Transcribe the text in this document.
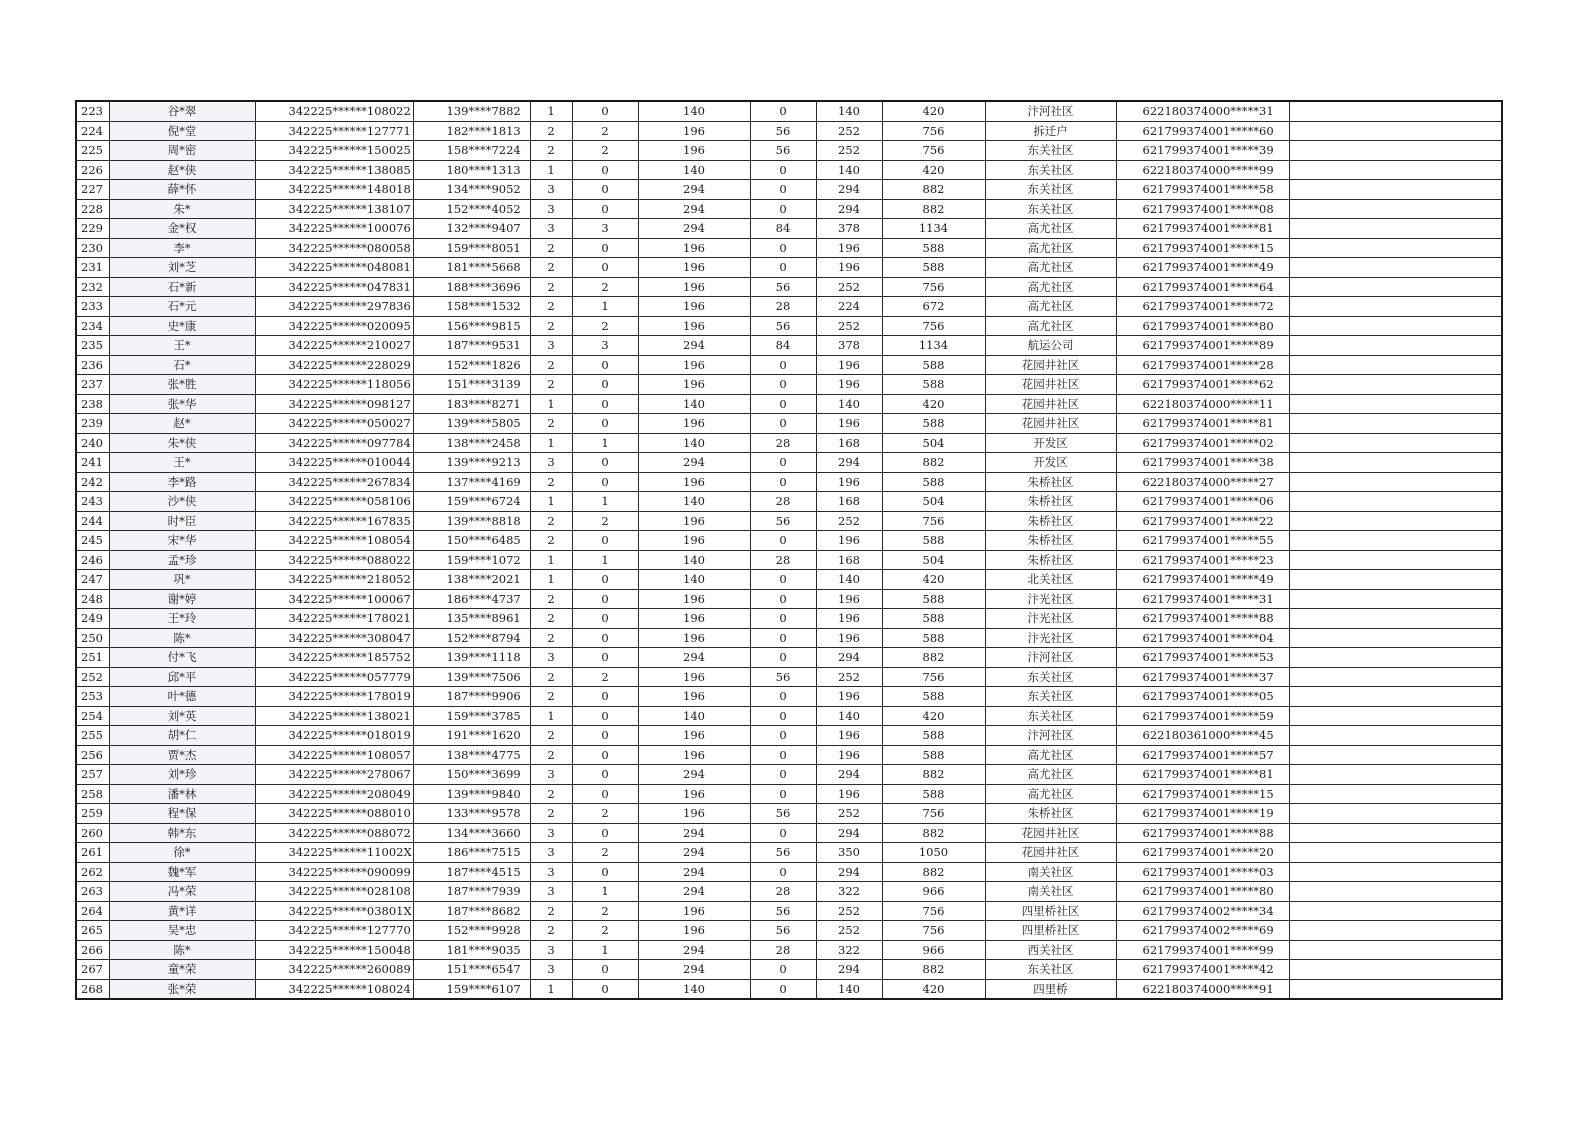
223	谷*翠	342225******108022	139****7882	1	0	140	0	140	420	汴河社区	622180374000*****31	
224	倪*堂	342225******127771	182****1813	2	2	196	56	252	756	拆迁户	621799374001*****60	
225	周*密	342225******150025	158****7224	2	2	196	56	252	756	东关社区	621799374001*****39	
226	赵*侠	342225******138085	180****1313	1	0	140	0	140	420	东关社区	622180374000*****99	
227	薛*怀	342225******148018	134****9052	3	0	294	0	294	882	东关社区	621799374001*****58	
228	朱*	342225******138107	152****4052	3	0	294	0	294	882	东关社区	621799374001*****08	
229	金*权	342225******100076	132****9407	3	3	294	84	378	1134	高尤社区	621799374001*****81	
230	李*	342225******080058	159****8051	2	0	196	0	196	588	高尤社区	621799374001*****15	
231	刘*芝	342225******048081	181****5668	2	0	196	0	196	588	高尤社区	621799374001*****49	
232	石*新	342225******047831	188****3696	2	2	196	56	252	756	高尤社区	621799374001*****64	
233	石*元	342225******297836	158****1532	2	1	196	28	224	672	高尤社区	621799374001*****72	
234	史*康	342225******020095	156****9815	2	2	196	56	252	756	高尤社区	621799374001*****80	
235	王*	342225******210027	187****9531	3	3	294	84	378	1134	航运公司	621799374001*****89	
236	石*	342225******228029	152****1826	2	0	196	0	196	588	花园井社区	621799374001*****28	
237	张*胜	342225******118056	151****3139	2	0	196	0	196	588	花园井社区	621799374001*****62	
238	张*华	342225******098127	183****8271	1	0	140	0	140	420	花园井社区	622180374000*****11	
239	赵*	342225******050027	139****5805	2	0	196	0	196	588	花园井社区	621799374001*****81	
240	朱*侠	342225******097784	138****2458	1	1	140	28	168	504	开发区	621799374001*****02	
241	王*	342225******010044	139****9213	3	0	294	0	294	882	开发区	621799374001*****38	
242	李*路	342225******267834	137****4169	2	0	196	0	196	588	朱桥社区	622180374000*****27	
243	沙*侠	342225******058106	159****6724	1	1	140	28	168	504	朱桥社区	621799374001*****06	
244	时*臣	342225******167835	139****8818	2	2	196	56	252	756	朱桥社区	621799374001*****22	
245	宋*华	342225******108054	150****6485	2	0	196	0	196	588	朱桥社区	621799374001*****55	
246	孟*珍	342225******088022	159****1072	1	1	140	28	168	504	朱桥社区	621799374001*****23	
247	巩*	342225******218052	138****2021	1	0	140	0	140	420	北关社区	621799374001*****49	
248	谢*婷	342225******100067	186****4737	2	0	196	0	196	588	汴光社区	621799374001*****31	
249	王*玲	342225******178021	135****8961	2	0	196	0	196	588	汴光社区	621799374001*****88	
250	陈*	342225******308047	152****8794	2	0	196	0	196	588	汴光社区	621799374001*****04	
251	付*飞	342225******185752	139****1118	3	0	294	0	294	882	汴河社区	621799374001*****53	
252	邱*平	342225******057779	139****7506	2	2	196	56	252	756	东关社区	621799374001*****37	
253	叶*德	342225******178019	187****9906	2	0	196	0	196	588	东关社区	621799374001*****05	
254	刘*英	342225******138021	159****3785	1	0	140	0	140	420	东关社区	621799374001*****59	
255	胡*仁	342225******018019	191****1620	2	0	196	0	196	588	汴河社区	622180361000*****45	
256	贾*杰	342225******108057	138****4775	2	0	196	0	196	588	高尤社区	621799374001*****57	
257	刘*珍	342225******278067	150****3699	3	0	294	0	294	882	高尤社区	621799374001*****81	
258	潘*林	342225******208049	139****9840	2	0	196	0	196	588	高尤社区	621799374001*****15	
259	程*保	342225******088010	133****9578	2	2	196	56	252	756	朱桥社区	621799374001*****19	
260	韩*东	342225******088072	134****3660	3	0	294	0	294	882	花园井社区	621799374001*****88	
261	徐*	342225******11002X	186****7515	3	2	294	56	350	1050	花园井社区	621799374001*****20	
262	魏*军	342225******090099	187****4515	3	0	294	0	294	882	南关社区	621799374001*****03	
263	冯*荣	342225******028108	187****7939	3	1	294	28	322	966	南关社区	621799374001*****80	
264	黄*详	342225******03801X	187****8682	2	2	196	56	252	756	四里桥社区	621799374002*****34	
265	吴*忠	342225******127770	152****9928	2	2	196	56	252	756	四里桥社区	621799374002*****69	
266	陈*	342225******150048	181****9035	3	1	294	28	322	966	西关社区	621799374001*****99	
267	童*荣	342225******260089	151****6547	3	0	294	0	294	882	东关社区	621799374001*****42	
268	张*荣	342225******108024	159****6107	1	0	140	0	140	420	四里桥	622180374000*****91	
